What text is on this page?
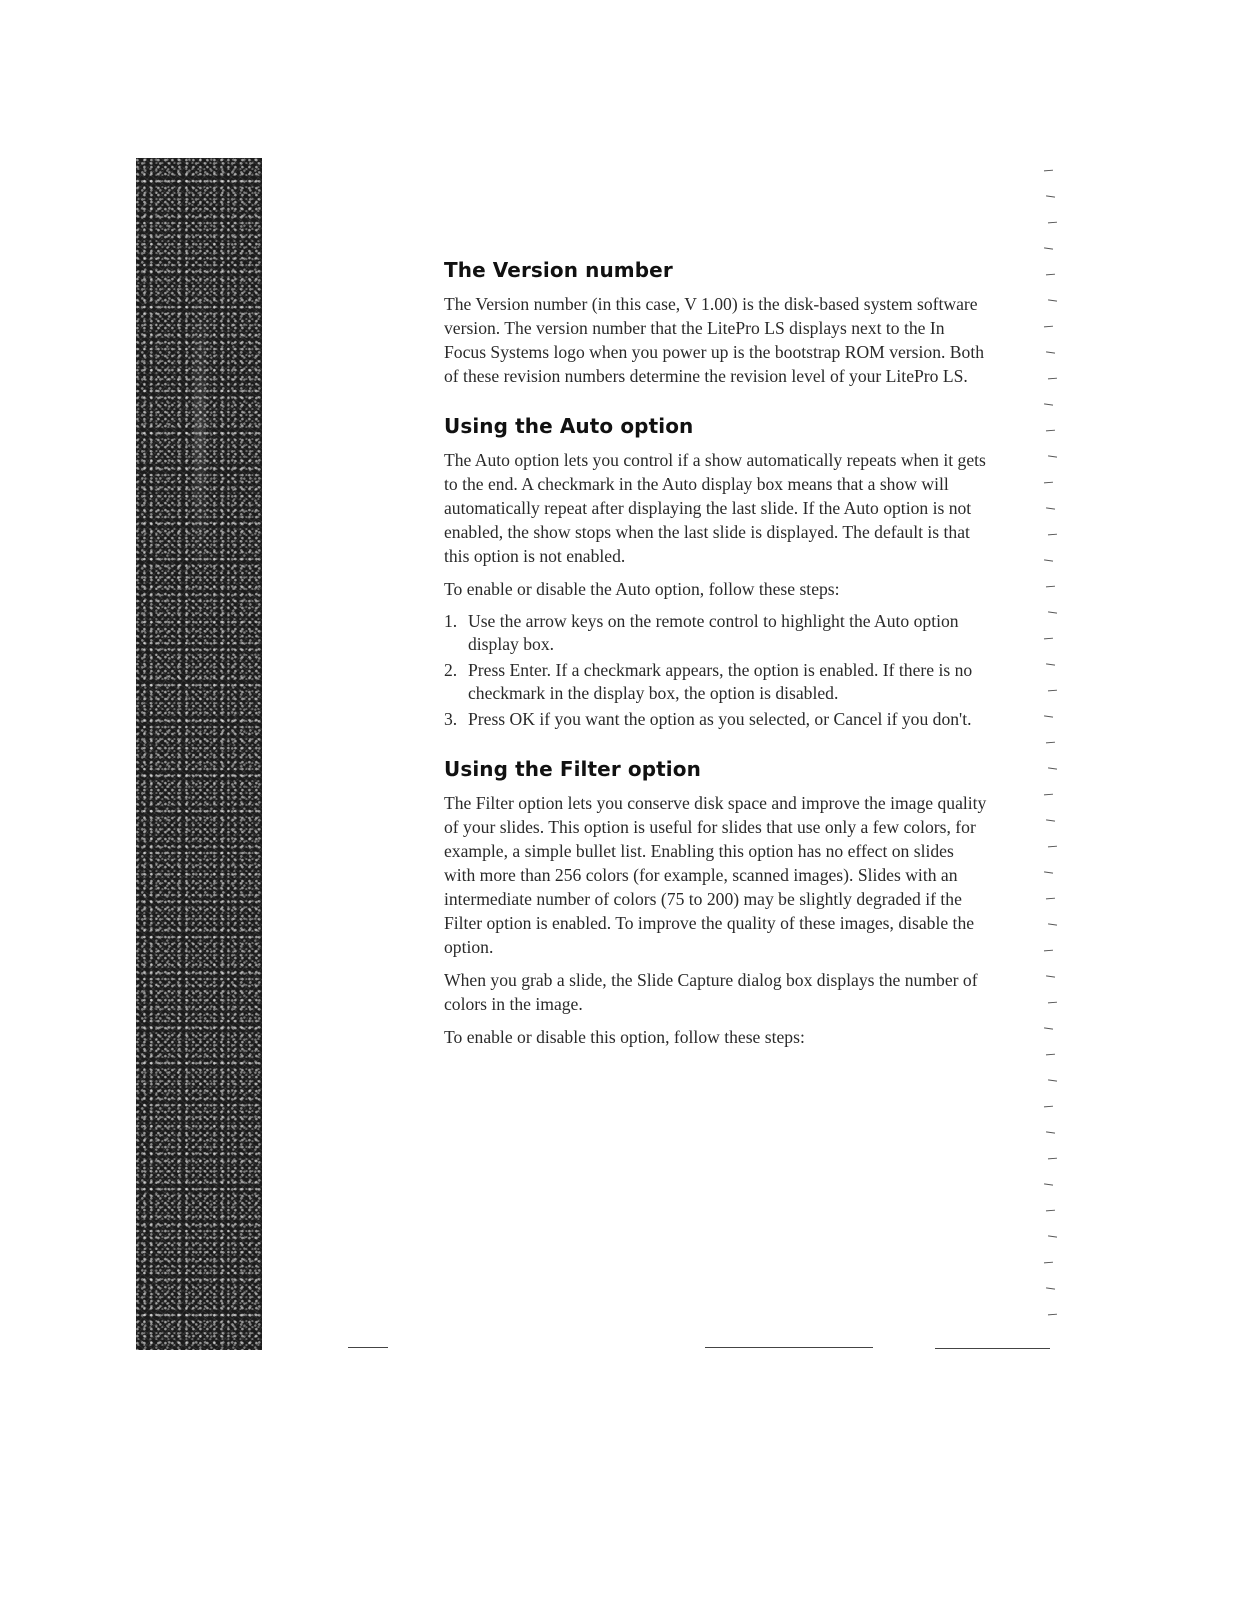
The Version number

The Version number (in this case, V 1.00) is the disk-based system software version. The version number that the LitePro LS displays next to the In Focus Systems logo when you power up is the bootstrap ROM version. Both of these revision numbers determine the revision level of your LitePro LS.

Using the Auto option

The Auto option lets you control if a show automatically repeats when it gets to the end. A checkmark in the Auto display box means that a show will automatically repeat after displaying the last slide. If the Auto option is not enabled, the show stops when the last slide is displayed. The default is that this option is not enabled.

To enable or disable the Auto option, follow these steps:

1. Use the arrow keys on the remote control to highlight the Auto option display box.
2. Press Enter. If a checkmark appears, the option is enabled. If there is no checkmark in the display box, the option is disabled.
3. Press OK if you want the option as you selected, or Cancel if you don't.
Using the Filter option

The Filter option lets you conserve disk space and improve the image quality of your slides. This option is useful for slides that use only a few colors, for example, a simple bullet list. Enabling this option has no effect on slides with more than 256 colors (for example, scanned images). Slides with an intermediate number of colors (75 to 200) may be slightly degraded if the Filter option is enabled. To improve the quality of these images, disable the option.

When you grab a slide, the Slide Capture dialog box displays the number of colors in the image.

To enable or disable this option, follow these steps:
